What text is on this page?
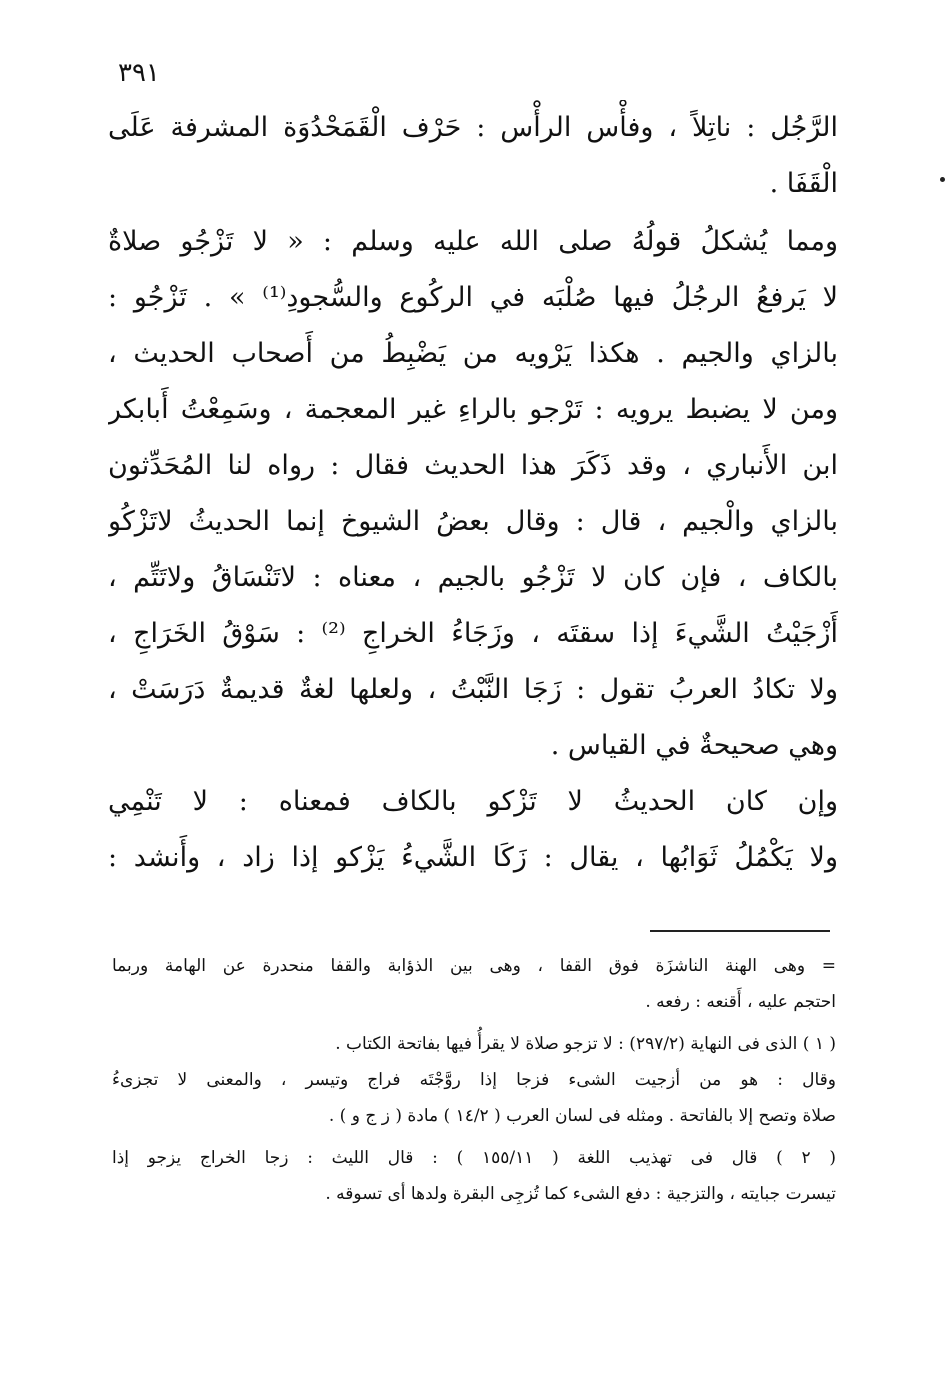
٣٩١
الرَّجُل : ناتِلاً ، وفأْس الرأْس : حَرْف الْقَمَحْدُوَة المشرفة عَلَى
الْقَفَا .
ومما يُشكلُ قولُهُ صلى الله عليه وسلم : « لا تَزْجُو صلاةٌ
لا يَرفعُ الرجُلُ فيها صُلْبَه في الركُوع والسُّجودِ⁽¹⁾ » . تَزْجُو :
بالزاي والجيم . هكذا يَرْويه من يَضْبِطُ من أَصحاب الحديث ،
ومن لا يضبط يرويه : تَرْجو بالراءِ غير المعجمة ، وسَمِعْتُ أَبابكر
ابن الأَنباري ، وقد ذَكَرَ هذا الحديث فقال : رواه لنا المُحَدِّثون
بالزاي والْجيم ، قال : وقال بعضُ الشيوخ إنما الحديثُ لاتَزْكُو
بالكاف ، فإن كان لا تَزْجُو بالجيم ، معناه : لاتَنْسَاقُ ولاتَتِّم ،
أَزْجَيْتُ الشَّيءَ إذا سقتَه ، وزَجَاءُ الخراجِ ⁽²⁾ : سَوْقُ الخَرَاجِ ،
ولا تكادُ العربُ تقول : زَجَا النَّبْتُ ، ولعلها لغةٌ قديمةٌ دَرَسَتْ ،
وهي صحيحةٌ في القياس .
وإن كان الحديثُ لا تَزْكو بالكاف فمعناه : لا تَنْمِي
ولا يَكْمُلُ ثَوَابُها ، يقال : زَكَا الشَّيءُ يَزْكو إذا زاد ، وأَنشد :
= وهى الهنة الناشزَة فوق القفا ، وهى بين الذؤابة والقفا منحدرة عن الهامة وربما
احتجم عليه ، أَقنعه : رفعه .
( ١ ) الذى فى النهاية (٢٩٧/٢) : لا تزجو صلاة لا يقرأُ فيها بفاتحة الكتاب .
وقال : هو من أزجيت الشىء فزجا إذا روَّجْتَه فراج وتيسر ، والمعنى لا تجزىءُ
صلاة وتصح إلا بالفاتحة . ومثله فى لسان العرب ( ١٤/٢ ) مادة ( ز ج و ) .
( ٢ ) قال فى تهذيب اللغة ( ١٥٥/١١ ) : قال الليث : زجا الخراج يزجو إذا
تيسرت جبايته ، والتزجية : دفع الشىء كما تُزجِى البقرة ولدها أى تسوقه .
